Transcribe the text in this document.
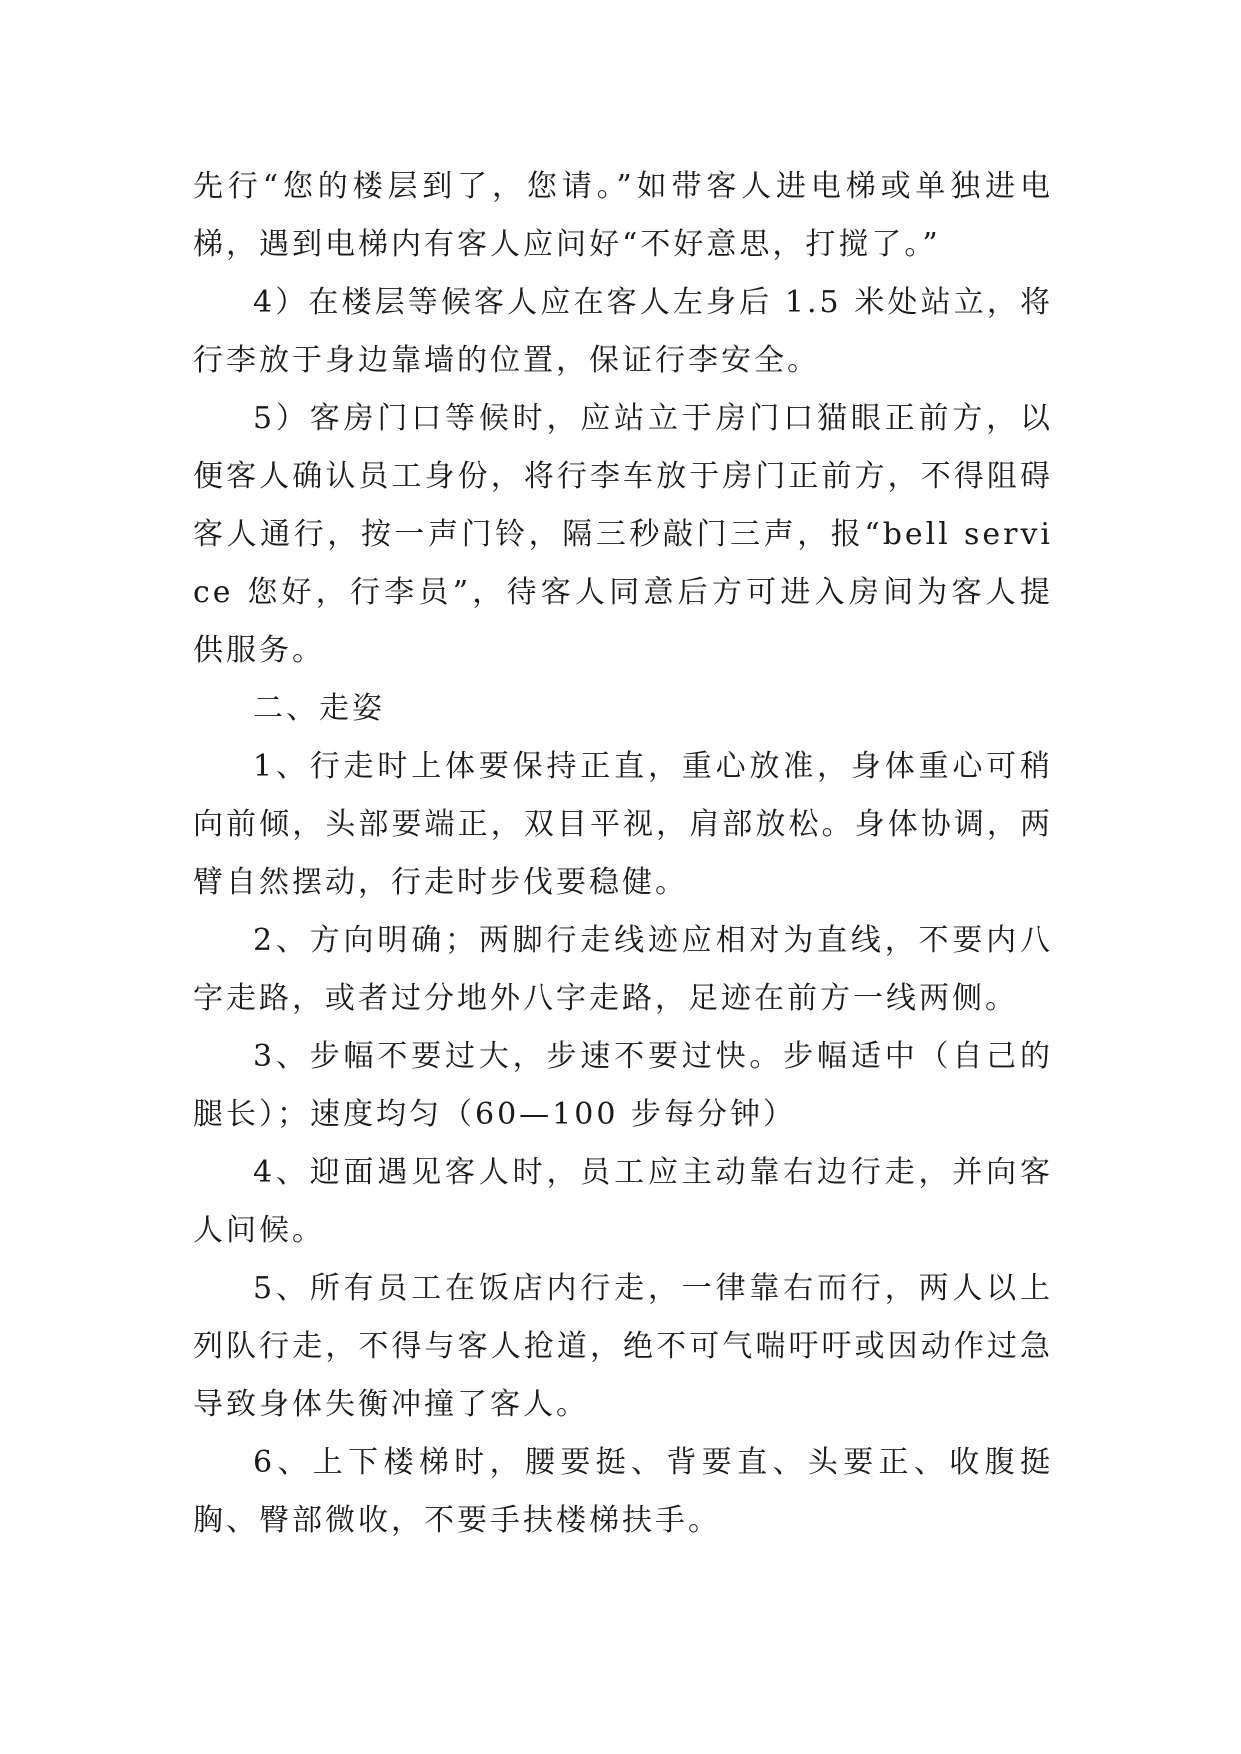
先行“您的楼层到了，您请。”如带客人进电梯或单独进电梯，遇到电梯内有客人应问好“不好意思，打搅了。”

4）在楼层等候客人应在客人左身后 1.5 米处站立，将行李放于身边靠墙的位置，保证行李安全。

5）客房门口等候时，应站立于房门口猫眼正前方，以便客人确认员工身份，将行李车放于房门正前方，不得阻碍客人通行，按一声门铃，隔三秒敲门三声，报“bell service 您好，行李员”，待客人同意后方可进入房间为客人提供服务。

二、走姿

1、行走时上体要保持正直，重心放准，身体重心可稍向前倾，头部要端正，双目平视，肩部放松。身体协调，两臂自然摆动，行走时步伐要稳健。

2、方向明确；两脚行走线迹应相对为直线，不要内八字走路，或者过分地外八字走路，足迹在前方一线两侧。

3、步幅不要过大，步速不要过快。步幅适中（自己的腿长）；速度均匀（60—100 步每分钟）

4、迎面遇见客人时，员工应主动靠右边行走，并向客人问候。

5、所有员工在饭店内行走，一律靠右而行，两人以上列队行走，不得与客人抢道，绝不可气喘吁吁或因动作过急导致身体失衡冲撞了客人。

6、上下楼梯时，腰要挺、背要直、头要正、收腹挺胸、臀部微收，不要手扶楼梯扶手。
